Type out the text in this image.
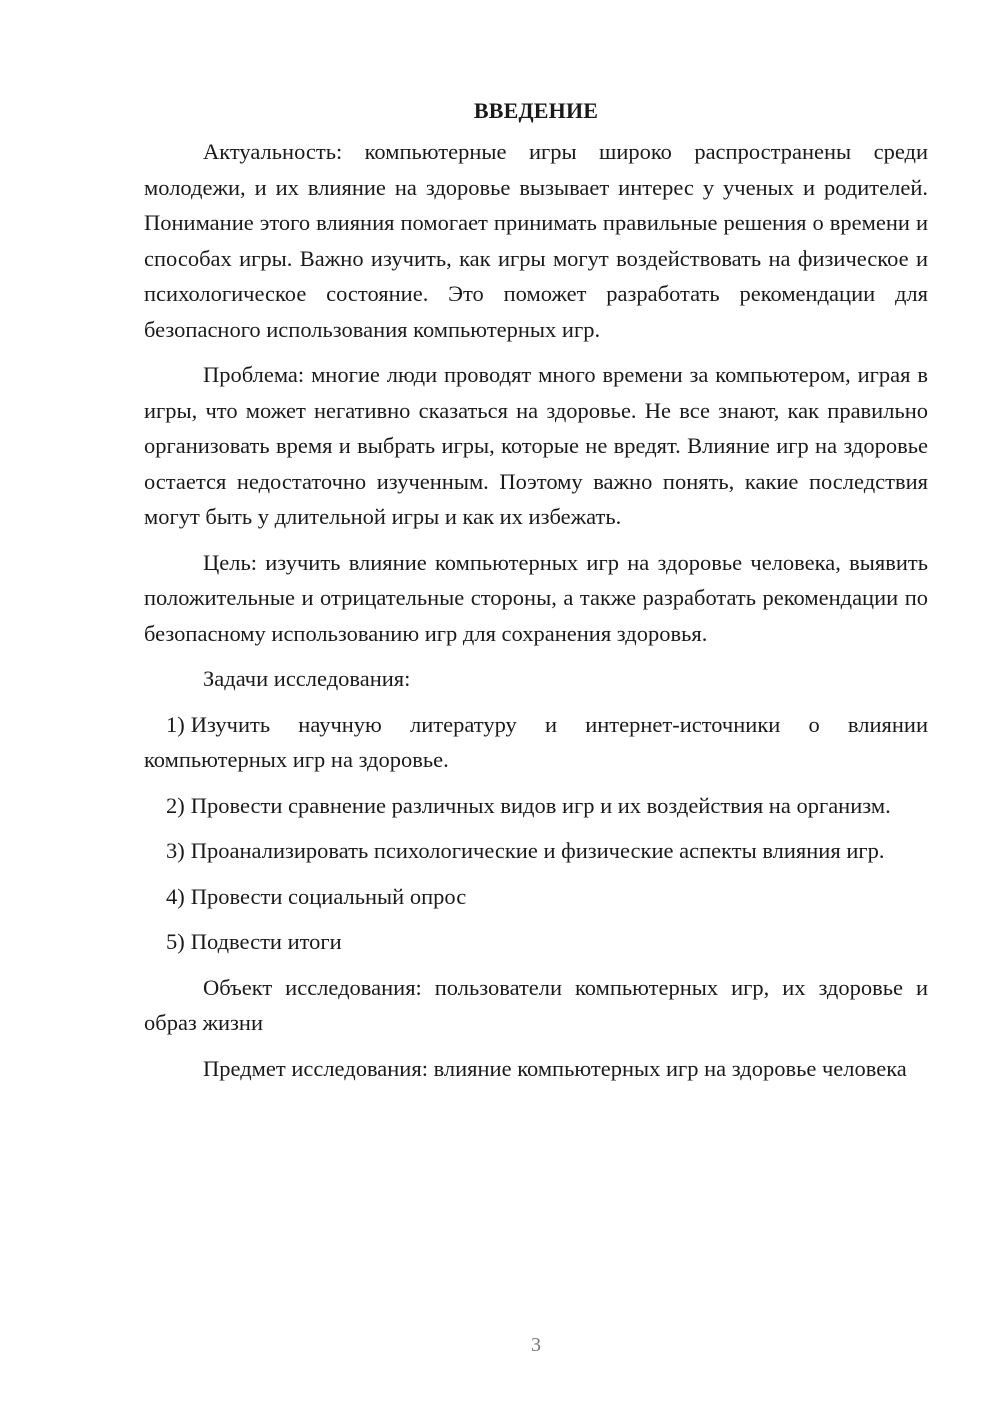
ВВЕДЕНИЕ

Актуальность: компьютерные игры широко распространены среди молодежи, и их влияние на здоровье вызывает интерес у ученых и родителей. Понимание этого влияния помогает принимать правильные решения о времени и способах игры. Важно изучить, как игры могут воздействовать на физическое и психологическое состояние. Это поможет разработать рекомендации для безопасного использования компьютерных игр.

Проблема: многие люди проводят много времени за компьютером, играя в игры, что может негативно сказаться на здоровье. Не все знают, как правильно организовать время и выбрать игры, которые не вредят. Влияние игр на здоровье остается недостаточно изученным. Поэтому важно понять, какие последствия могут быть у длительной игры и как их избежать.

Цель: изучить влияние компьютерных игр на здоровье человека, выявить положительные и отрицательные стороны, а также разработать рекомендации по безопасному использованию игр для сохранения здоровья.

Задачи исследования:

1) Изучить научную литературу и интернет-источники о влиянии компьютерных игр на здоровье.

2) Провести сравнение различных видов игр и их воздействия на организм.

3) Проанализировать психологические и физические аспекты влияния игр.

4) Провести социальный опрос

5) Подвести итоги

Объект исследования: пользователи компьютерных игр, их здоровье и образ жизни

Предмет исследования: влияние компьютерных игр на здоровье человека

3
